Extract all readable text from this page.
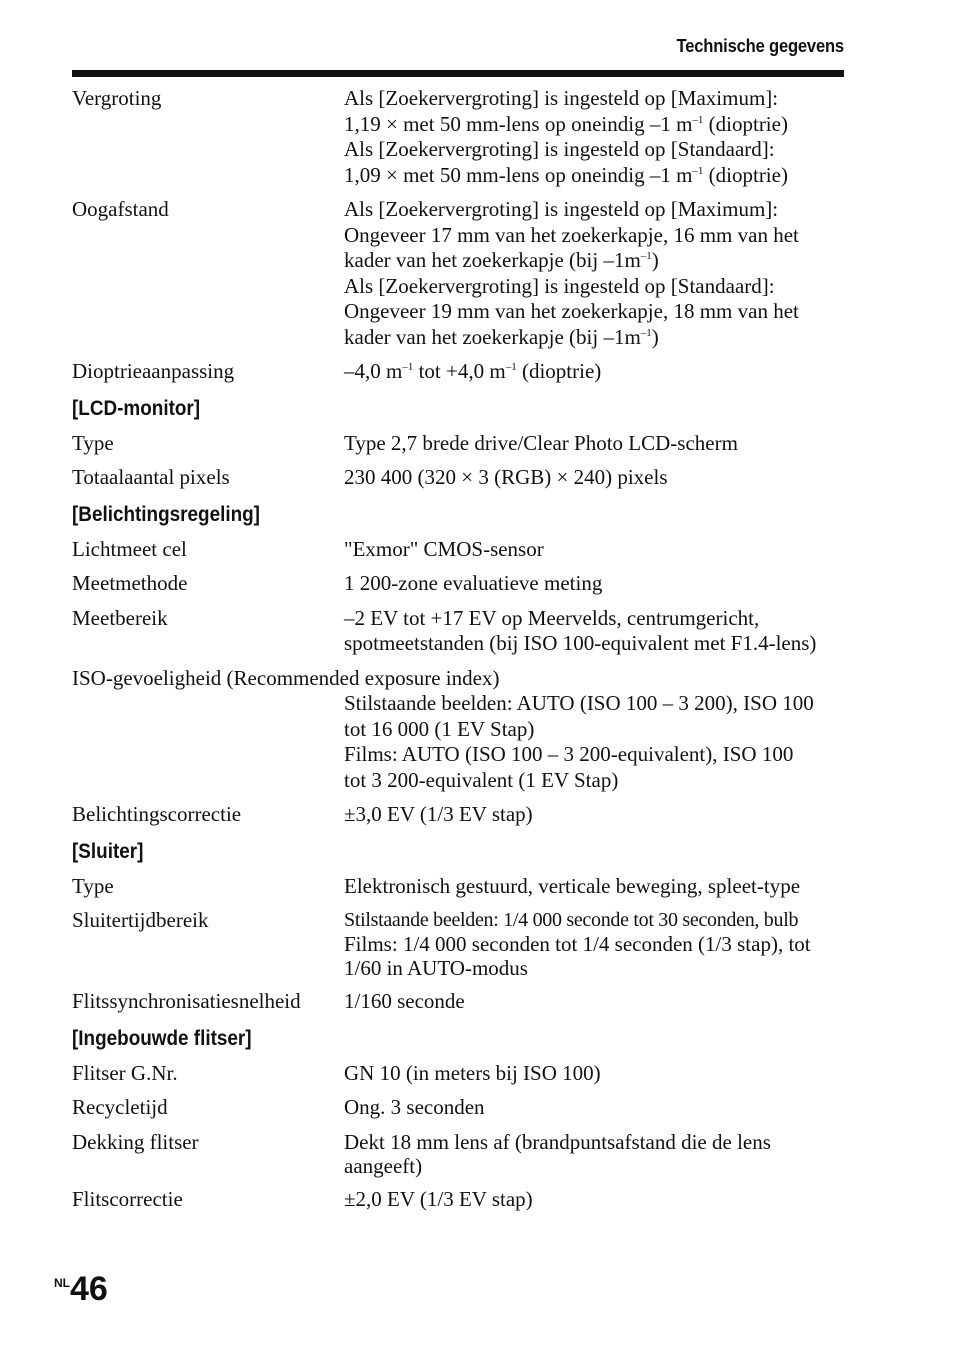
Technische gegevens
Vergroting	Als [Zoekervergroting] is ingesteld op [Maximum]:
1,19 × met 50 mm-lens op oneindig –1 $m^{-1}$ (dioptrie)
Als [Zoekervergroting] is ingesteld op [Standaard]:
1,09 × met 50 mm-lens op oneindig –1 $m^{-1}$ (dioptrie)
Oogafstand	Als [Zoekervergroting] is ingesteld op [Maximum]:
Ongeveer 17 mm van het zoekerkapje, 16 mm van het
kader van het zoekerkapje (bij $-1m^{-1}$)
Als [Zoekervergroting] is ingesteld op [Standaard]:
Ongeveer 19 mm van het zoekerkapje, 18 mm van het
kader van het zoekerkapje (bij $-1m^{-1}$)
Dioptrieaanpassing	–4,0 $m^{-1}$ tot +4,0 $m^{-1}$ (dioptrie)
[LCD-monitor]
Type	Type 2,7 brede drive/Clear Photo LCD-scherm
Totaalaantal pixels	230 400 (320 × 3 (RGB) × 240) pixels
[Belichtingsregeling]
Lichtmeet cel	"Exmor" CMOS-sensor
Meetmethode	1 200-zone evaluatieve meting
Meetbereik	–2 EV tot +17 EV op Meervelds, centrumgericht,
spotmeetstanden (bij ISO 100-equivalent met F1.4-lens)
ISO-gevoeligheid (Recommended exposure index)
Stilstaande beelden: AUTO (ISO 100 – 3 200), ISO 100
tot 16 000 (1 EV Stap)
Films: AUTO (ISO 100 – 3 200-equivalent), ISO 100
tot 3 200-equivalent (1 EV Stap)
Belichtingscorrectie	±3,0 EV (1/3 EV stap)
[Sluiter]
Type	Elektronisch gestuurd, verticale beweging, spleet-type
Sluitertijdbereik	Stilstaande beelden: 1/4 000 seconde tot 30 seconden, bulb
Films: 1/4 000 seconden tot 1/4 seconden (1/3 stap), tot
1/60 in AUTO-modus
Flitssynchronisatiesnelheid	1/160 seconde
[Ingebouwde flitser]
Flitser G.Nr.	GN 10 (in meters bij ISO 100)
Recycletijd	Ong. 3 seconden
Dekking flitser	Dekt 18 mm lens af (brandpuntsafstand die de lens
aangeeft)
Flitscorrectie	±2,0 EV (1/3 EV stap)
$^{NL}$46
